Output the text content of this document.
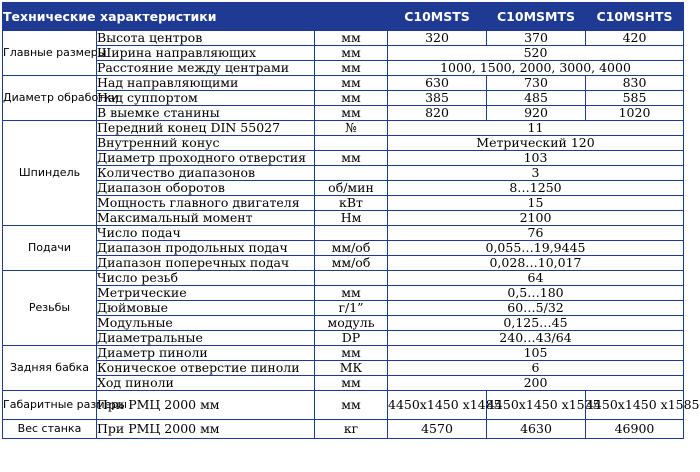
Технические характеристики			C10MSTS	C10MSMTS	C10MSHTS
Главные размеры	Высота центров	мм	320	370	420
	Ширина направляющих	мм	520		
	Расстояние между центрами	мм	1000, 1500, 2000, 3000, 4000		
Диаметр обработки	Над направляющими	мм	630	730	830
	Над суппортом	мм	385	485	585
	В выемке станины	мм	820	920	1020
Шпиндель	Передний конец DIN 55027	№	11		
	Внутренний конус		Метрический 120		
	Диаметр проходного отверстия	мм	103		
	Количество диапазонов		3		
	Диапазон оборотов	об/мин	8…1250		
	Мощность главного двигателя	кВт	15		
	Максимальный момент	Нм	2100		
Подачи	Число подач		76		
	Диапазон продольных подач	мм/об	0,055…19,9445		
	Диапазон поперечных подач	мм/об	0,028…10,017		
Резьбы	Число резьб		64		
	Метрические	мм	0,5…180		
	Дюймовые	г/1”	60…5/32		
	Модульные	модуль	0,125…45		
	Диаметральные	DP	240…43/64		
Задняя бабка	Диаметр пиноли	мм	105		
	Коническое отверстие пиноли	МК	6		
	Ход пиноли	мм	200		
Габаритные размеры	При РМЦ 2000 мм	мм	4450x1450 x1485	4450x1450 x1535	4450x1450 x1585
Вес станка	При РМЦ 2000 мм	кг	4570	4630	46900
